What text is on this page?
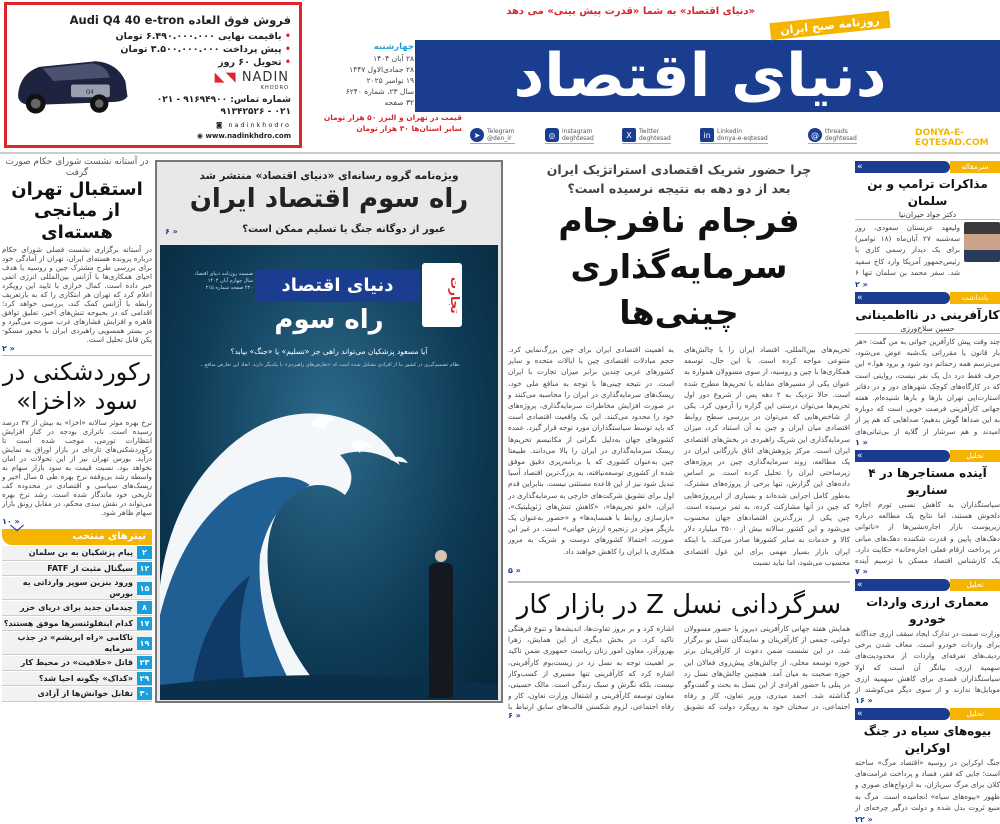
Q4
فروش فوق العاده Audi Q4 40 e-tron
• باقیمت نهایی ۶.۴۹۰.۰۰۰.۰۰۰ تومان
• پیش پرداخت ۳.۵۰۰.۰۰۰.۰۰۰ تومان
• تحویل ۶۰ روز
◣◥ NADIN
KHODRO
شماره تماس: ۹۱۶۹۴۹۰۰ - ۰۲۱
۰۲۱ - ۹۱۳۴۲۵۲۶
◙ nadinkhodro
◉ www.nadinkhdro.com
دنیای اقتصاد
«دنیای اقتصاد» به شما «قدرت پیش بینی» می دهد
روزنامه صبح ایران
چهارشنبه
۲۸ آبان ۱۴۰۴
۲۸ جمادی‌الاول ۱۴۴۷
۱۹ نوامبر ۲۰۲۵
سال ۲۳، شماره ۶۲۴۰
۳۲ صفحه
قیمت در تهران و البرز ۵۰ هزار تومان
سایر استان‌ها ۳۰ هزار تومان	DONYA-E-EQTESAD.COM
@	threads
deghtesad
in	Linkedin
donya-e-eqtesad
X	Twitter
deghtesad
◎	instagram
deghtesad
➤	Telegram
@den_ir
در آستانه نشست شورای حکام صورت گرفت
استقبال تهران از میانجی هسته‌ای
در آستانه برگزاری نشست فصلی شورای حکام درباره پرونده هسته‌ای ایران، تهران از آمادگی خود برای بررسی طرح مشترک چین و روسیه با هدف احیای همکاری‌ها با آژانس بین‌المللی انرژی اتمی خبر داده است. کمال خرازی با تایید این رویکرد اعلام کرد که تهران هر ابتکاری را که به بازتعریف رابطه با آژانس کمک کند، بررسی خواهد کرد؛ اقدامی که در بحبوحه تنش‌های اخیر، تعلیق توافق قاهره و افزایش فشارهای غرب صورت می‌گیرد و در بستر همسویی راهبردی ایران با محور مسکو-پکن قابل تحلیل است.
۲ »
رکوردشکنی در سود «اخزا»
نرخ بهره موثر سالانه «اخزا» به بیش از ۳۷ درصد رسیده است. ناترازی بودجه در کنار افزایش انتظارات تورمی، موجب شده است تا رکوردشکنی‌های تازه‌ای در بازار اوراق به نمایش درآید. بورس تهران نیز از این تحولات در امان نخواهد بود. نسبت قیمت به سود بازار سهام به واسطه رشد بی‌وقفه نرخ بهره طی ۵ سال اخیر و ریسک‌های سیاسی و اقتصادی در محدوده کف تاریخی خود ماندگار شده است. رشد نرخ بهره می‌تواند در نقش سدی محکم، در مقابل رونق بازار سهام ظاهر شود.
۱۰ »
﹀	تیترهای منتخب
۲
پیام پزشکیان به بن سلمان
۱۲
سیگنال مثبت از FATF
۱۵
ورود بنزین سوپر وارداتی به بورس
۸
چیدمان جدید برای دریای خزر
۱۷
کدام اینفلوئنسرها موفق هستند؟
۱۹
ناکامی «راه ابریشم» در جذب سرمایه
۲۳
قاتل «خلاقیت» در محیط کار
۲۹
«کداک» چگونه احیا شد؟
۳۰
تقابل خوانش‌ها از آزادی
ویژه‌نامه گروه رسانه‌ای «دنیای اقتصاد» منتشر شد
راه سوم اقتصاد ایران
عبور از دوگانه جنگ یا تسلیم ممکن است؟
۶ »
دنیای اقتصاد	تجارت
ضمیمه روزنامه دنیای اقتصاد
سال چهارم آبان ۱۴۰۴
۲۲۰ صفحه شماره ۲۱۵
راه سوم
آیا مسعود پزشکیان می‌تواند راهی جز «تسلیم» یا «جنگ» بیابد؟
نظام تصمیم‌گیری در کشور ما از افرادی تشکیل شده است که «تعارض‌های راهبردی» با یکدیگر دارند. ابعاد این تعارض منافع...
چرا حضور شریک اقتصادی استراتژیک ایران
بعد از دو دهه به نتیجه نرسیده است؟
فرجام نافرجام
سرمایه‌گذاری چینی‌ها
تحریم‌های بین‌المللی، اقتصاد ایران را با چالش‌های متنوعی مواجه کرده است. با این حال، توسعه همکاری‌ها با چین و روسیه، از سوی مسوولان همواره به عنوان یکی از مسیرهای مقابله با تحریم‌ها مطرح شده است. حالا نزدیک به ۲ دهه پس از شروع دور اول تحریم‌ها می‌توان درستی این گزاره را آزمون کرد. یکی از شاخص‌هایی که می‌توان در بررسی سطح روابط اقتصادی میان ایران و چین به آن استناد کرد، میزان سرمایه‌گذاری این شریک راهبردی در بخش‌های اقتصادی ایران است. مرکز پژوهش‌های اتاق بازرگانی ایران در یک مطالعه، روند سرمایه‌گذاری چین در پروژه‌های زیرساختی ایران را تحلیل کرده است. بر اساس داده‌های این گزارش، تنها برخی از پروژه‌های مشترک، به‌طور کامل اجرایی شده‌اند و بسیاری از ابرپروژه‌هایی که چین در آنها مشارکت کرده، به ثمر نرسیده است. چین یکی از بزرگ‌ترین اقتصادهای جهان محسوب می‌شود و این کشور سالانه بیش از ۳۵۰۰ میلیارد دلار کالا و خدمات به سایر کشورها صادر می‌کند. با اینکه ایران بازار بسیار مهمی برای این غول اقتصادی محسوب می‌شود، اما نباید نسبت
به اهمیت اقتصادی ایران برای چین بزرگ‌نمایی کرد. حجم مبادلات اقتصادی چین با ایالات متحده و سایر کشورهای غربی چندین برابر میزان تجارت با ایران است. در نتیجه چینی‌ها با توجه به منافع ملی خود، ریسک‌های سرمایه‌گذاری در ایران را محاسبه می‌کنند و در صورت افزایش مخاطرات سرمایه‌گذاری، پروژه‌های خود را محدود می‌کنند. این یک واقعیت اقتصادی است که باید توسط سیاستگذاران مورد توجه قرار گیرد. عمده کشورهای جهان به‌دلیل نگرانی از مکانیسم تحریم‌ها ریسک سرمایه‌گذاری در ایران را بالا می‌دانند. طبیعتا چین به‌عنوان کشوری که با برنامه‌ریزی دقیق موفق شده از کشوری توسعه‌نیافته، به بزرگ‌ترین اقتصاد آسیا تبدیل شود نیز از این قاعده مستثنی نیست. بنابراین قدم اول برای تشویق شرکت‌های خارجی به سرمایه‌گذاری در ایران، «لغو تحریم‌ها»، «کاهش تنش‌های ژئوپلیتیک»، «بازسازی روابط با همسایه‌ها» و «حضور به‌عنوان یک بازیگر موثر در زنجیره ارزش جهانی» است. در غیر این صورت، احتمالا کشورهای دوست و شریک به مرور همکاری با ایران را کاهش خواهند داد.
۵ »
سرگردانی نسل Z در بازار کار
همایش هفته جهانی کارآفرینی دیروز با حضور مسوولان دولتی، جمعی از کارآفرینان و نمایندگان نسل نو برگزار شد. در این نشست ضمن دعوت از کارآفرینان برتر حوزه توسعه محلی، از چالش‌های پیش‌روی فعالان این حوزه صحبت به میان آمد. همچنین چالش‌های نسل زد در پنلی با حضور افرادی از این نسل به بحث و گفت‌وگو گذاشته شد. احمد میدری، وزیر تعاون، کار و رفاه اجتماعی، در سخنان خود به رویکرد دولت که تشویق
اشاره کرد و بر بروز تفاوت‌ها، اندیشه‌ها و تنوع فرهنگی تاکید کرد. در بخش دیگری از این همایش، زهرا بهروزآذر، معاون امور زنان ریاست جمهوری ضمن تاکید بر اهمیت توجه به نسل زد در زیست‌بوم کارآفرینی، اشاره کرد که کارآفرینی تنها مسیری از کسب‌وکار نیست، بلکه نگرش و سبک زندگی است. مالک حسینی، معاون توسعه کارآفرینی و اشتغال وزارت تعاون، کار و رفاه اجتماعی، لزوم شکستن قالب‌های سابق ارتباط با
۶ »
«	سرمقاله
مذاکرات ترامپ و بن سلمان
دکتر جواد حیران‌نیا
ولیعهد عربستان سعودی، روز سه‌شنبه ۲۷ آبان‌ماه (۱۸ نوامبر) برای یک دیدار رسمی کاری با رئیس‌جمهور آمریکا وارد کاخ سفید شد. سفر محمد بن سلمان تنها ۶
۲ »
«	یادداشت
کارآفرینی در نااطمینانی
حسین سلاح‌ورزی
چند وقت پیش کارآفرین جوانی به من گفت: «هر بار قانون یا مقرراتی یک‌شبه عوض می‌شود، می‌ترسم همه زحماتم دود شود و برود هوا.» این حرف فقط درد دل یک نفر نیست، روایتی است که در کارگاه‌های کوچک شهرهای دور و در دفاتر استارت‌اپی تهران بارها و بارها شنیده‌ام. هفته جهانی کارآفرینی فرصت خوبی است که دوباره به این صداها گوش بدهیم؛ صداهایی که هم پر از امیدند و هم سرشار از گلایه از بی‌ثباتی‌های
۱ »
«	تحلیل
آینده مستاجرها در ۴ سناریو
سیاستگذاران به کاهش نسبی تورم اجاره دلخوش هستند، اما نتایج یک مطالعه درباره زیرپوست بازار اجاره‌نشین‌ها از «ناتوانی دهک‌های پایین و قدرت شکننده دهک‌های میانی در پرداخت ارقام فعلی اجاره‌خانه» حکایت دارد. یک کارشناس اقتصاد مسکن با ترسیم آینده
۷ »
«	تحلیل
معماری ارزی واردات خودرو
وزارت صمت در تدارک ایجاد سقف ارزی جداگانه برای واردات خودرو است. معاف شدن برخی ردیف‌های تعرفه‌ای واردات از محدودیت‌های سهمیه ارزی، بیانگر آن است که اولا سیاستگذاران قصدی برای کاهش سهمیه ارزی موبایل‌ها ندارند و از سوی دیگر می‌کوشند از
۱۶ »
«	تحلیل
بیوه‌های سیاه در جنگ اوکراین
جنگ اوکراین در روسیه «اقتصاد مرگ» ساخته است؛ جایی که فقر، فساد و پرداخت غرامت‌های کلان برای مرگ سربازان، به ازدواج‌های صوری و ظهور «بیوه‌های سیاه» انجامیده است. مرگ به منبع ثروت بدل شده و دولت درگیر چرخه‌ای از
۲۲ »
